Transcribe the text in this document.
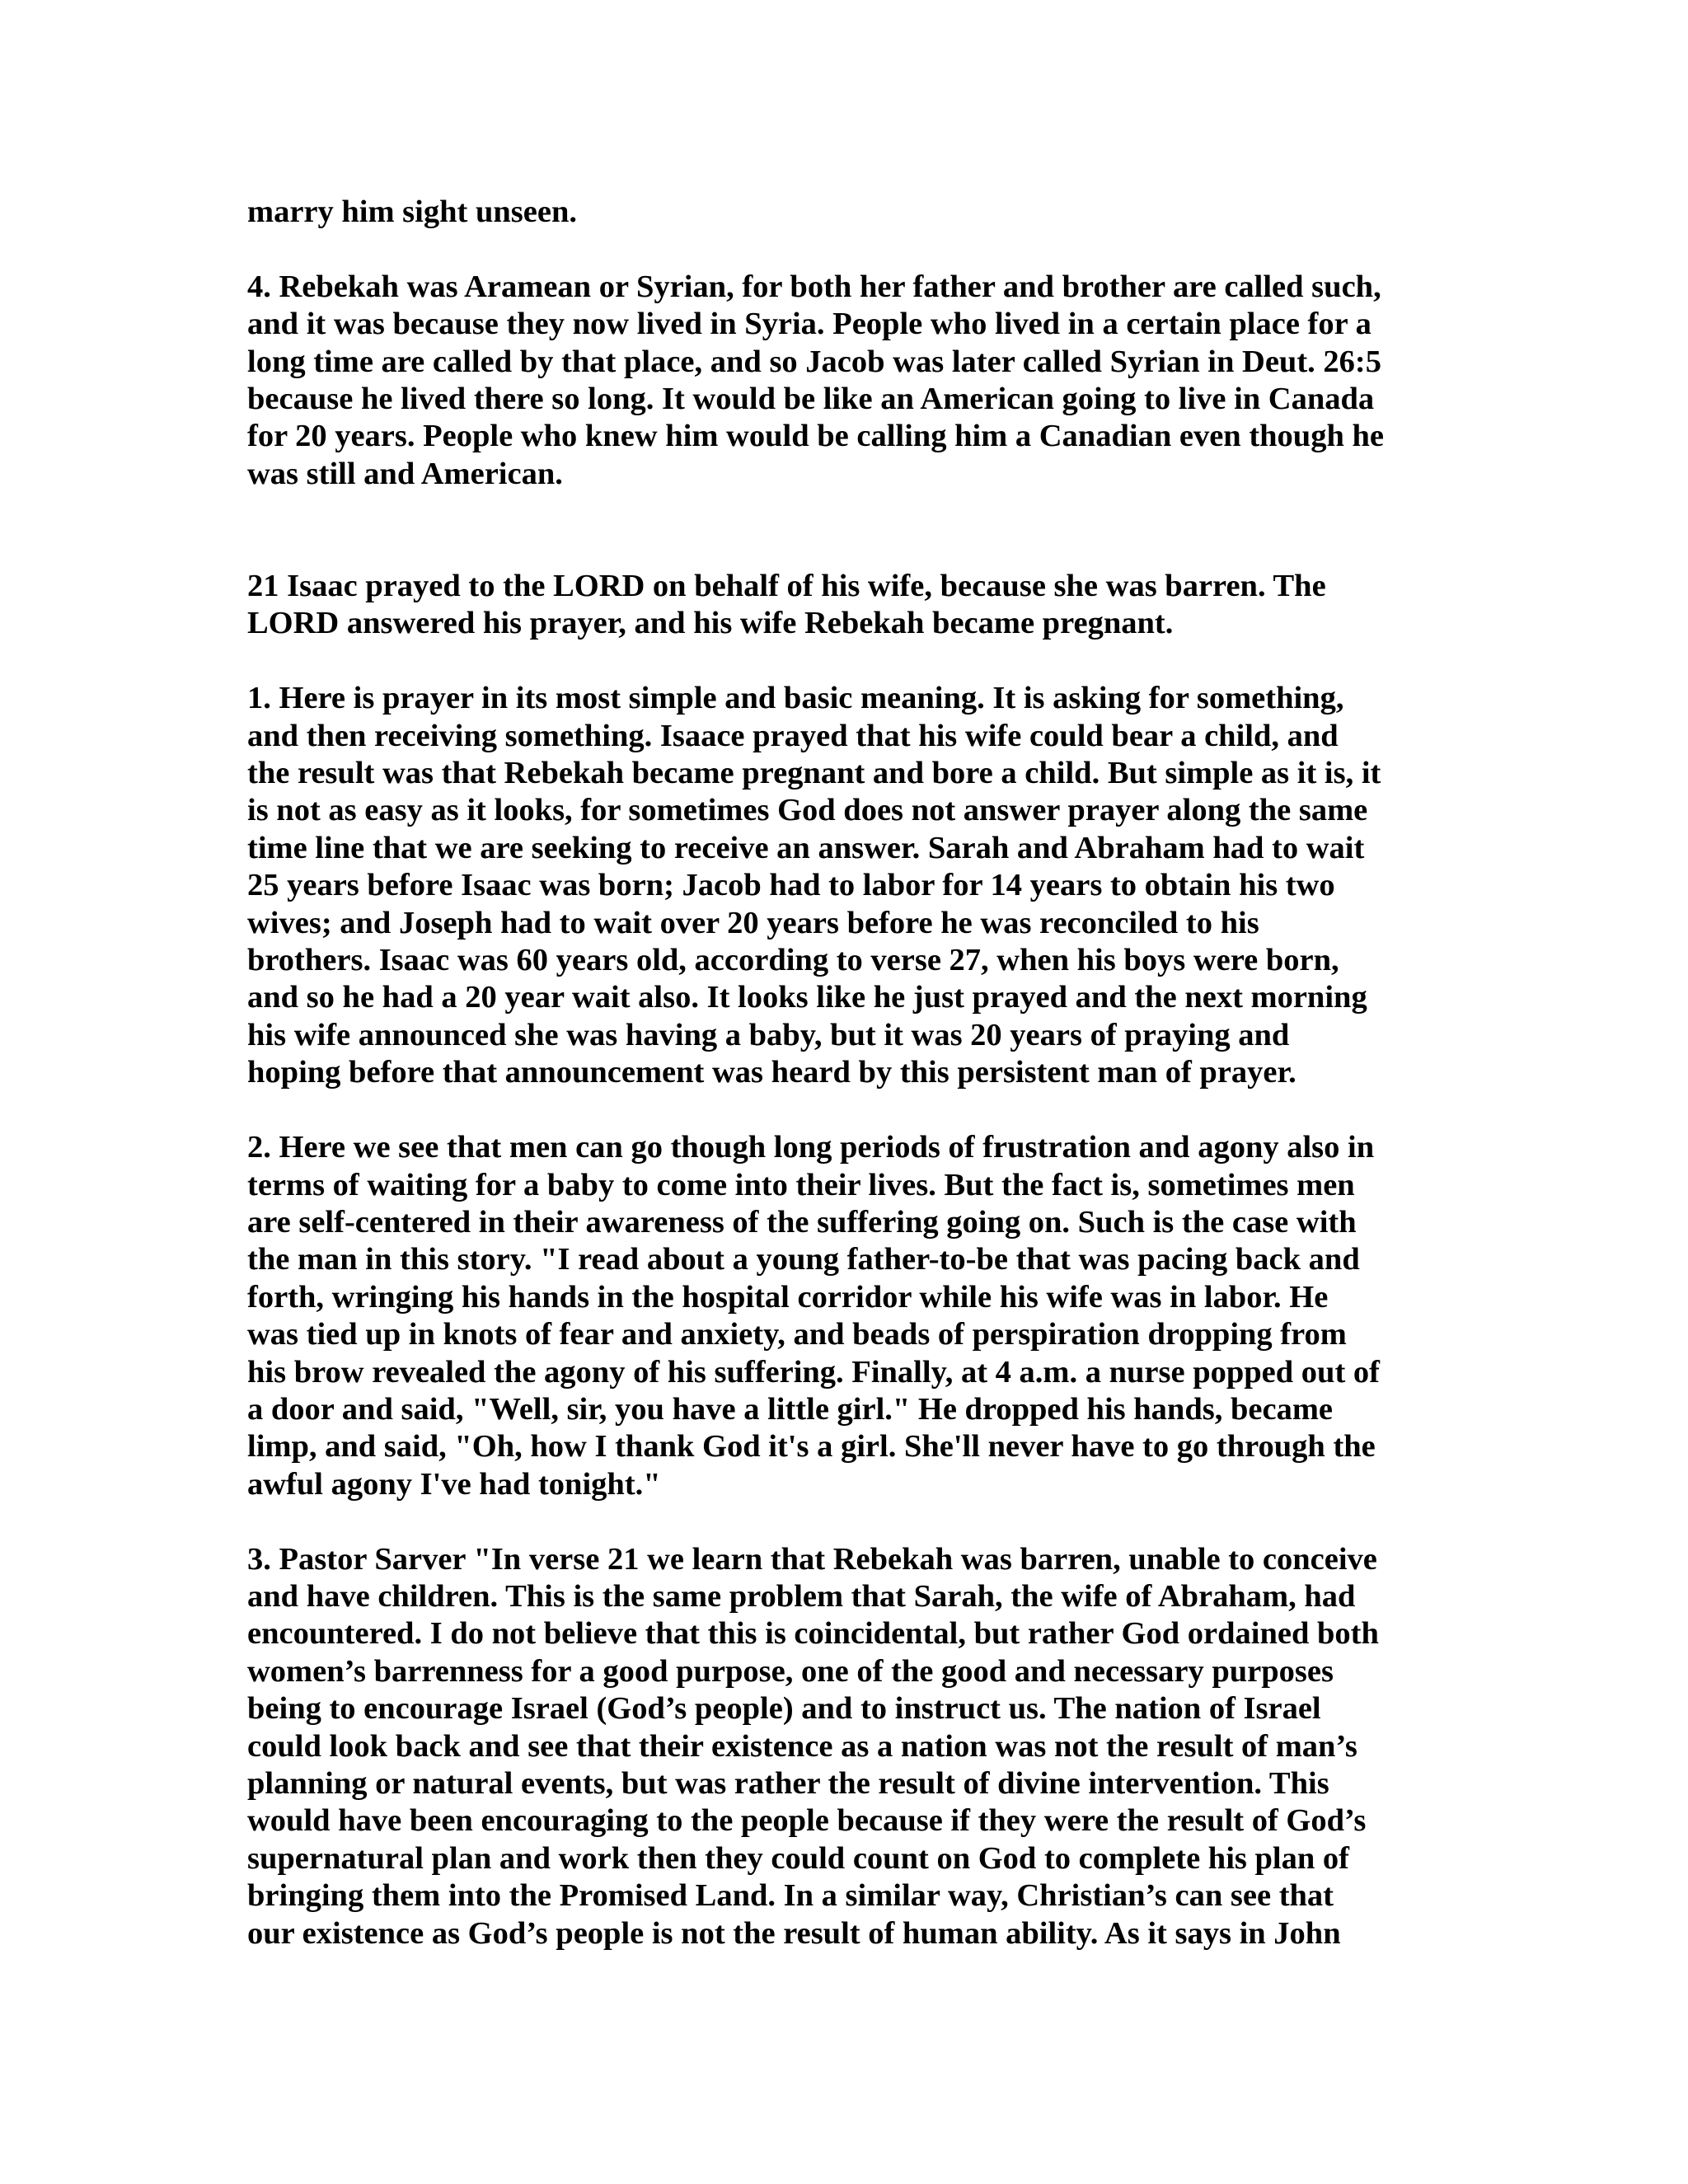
marry him sight unseen.
4. Rebekah was Aramean or Syrian, for both her father and brother are called such,
and it was because they now lived in Syria. People who lived in a certain place for a
long time are called by that place, and so Jacob was later called Syrian in Deut. 26:5
because he lived there so long. It would be like an American going to live in Canada
for 20 years. People who knew him would be calling him a Canadian even though he
was still and American.
21 Isaac prayed to the LORD on behalf of his wife, because she was barren. The
LORD answered his prayer, and his wife Rebekah became pregnant.
1. Here is prayer in its most simple and basic meaning. It is asking for something,
and then receiving something. Isaace prayed that his wife could bear a child, and
the result was that Rebekah became pregnant and bore a child. But simple as it is, it
is not as easy as it looks, for sometimes God does not answer prayer along the same
time line that we are seeking to receive an answer. Sarah and Abraham had to wait
25 years before Isaac was born; Jacob had to labor for 14 years to obtain his two
wives; and Joseph had to wait over 20 years before he was reconciled to his
brothers. Isaac was 60 years old, according to verse 27, when his boys were born,
and so he had a 20 year wait also. It looks like he just prayed and the next morning
his wife announced she was having a baby, but it was 20 years of praying and
hoping before that announcement was heard by this persistent man of prayer.
2. Here we see that men can go though long periods of frustration and agony also in
terms of waiting for a baby to come into their lives. But the fact is, sometimes men
are self-centered in their awareness of the suffering going on. Such is the case with
the man in this story. "I read about a young father-to-be that was pacing back and
forth, wringing his hands in the hospital corridor while his wife was in labor. He
was tied up in knots of fear and anxiety, and beads of perspiration dropping from
his brow revealed the agony of his suffering. Finally, at 4 a.m. a nurse popped out of
a door and said, "Well, sir, you have a little girl." He dropped his hands, became
limp, and said, "Oh, how I thank God it's a girl. She'll never have to go through the
awful agony I've had tonight."
3. Pastor Sarver "In verse 21 we learn that Rebekah was barren, unable to conceive
and have children. This is the same problem that Sarah, the wife of Abraham, had
encountered. I do not believe that this is coincidental, but rather God ordained both
women’s barrenness for a good purpose, one of the good and necessary purposes
being to encourage Israel (God’s people) and to instruct us. The nation of Israel
could look back and see that their existence as a nation was not the result of man’s
planning or natural events, but was rather the result of divine intervention. This
would have been encouraging to the people because if they were the result of God’s
supernatural plan and work then they could count on God to complete his plan of
bringing them into the Promised Land. In a similar way, Christian’s can see that
our existence as God’s people is not the result of human ability. As it says in John
